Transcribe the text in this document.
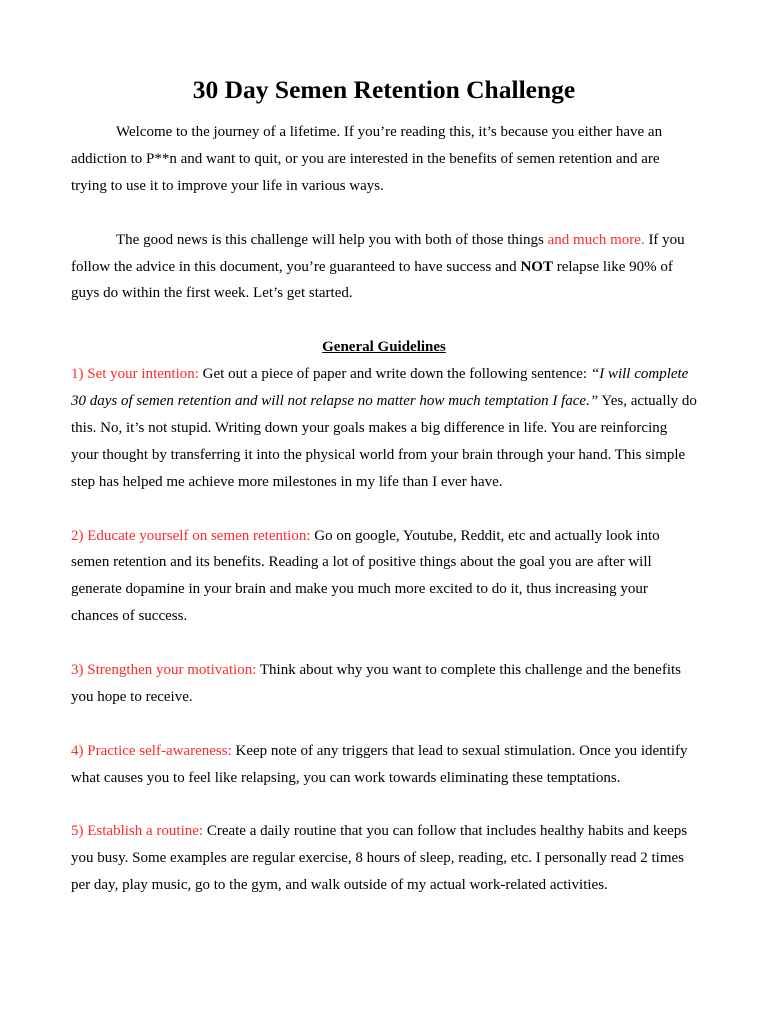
30 Day Semen Retention Challenge

Welcome to the journey of a lifetime. If you’re reading this, it’s because you either have an addiction to P**n and want to quit, or you are interested in the benefits of semen retention and are trying to use it to improve your life in various ways.

The good news is this challenge will help you with both of those things and much more. If you follow the advice in this document, you’re guaranteed to have success and NOT relapse like 90% of guys do within the first week. Let’s get started.

General Guidelines

1) Set your intention: Get out a piece of paper and write down the following sentence: “I will complete 30 days of semen retention and will not relapse no matter how much temptation I face.” Yes, actually do this. No, it’s not stupid. Writing down your goals makes a big difference in life. You are reinforcing your thought by transferring it into the physical world from your brain through your hand. This simple step has helped me achieve more milestones in my life than I ever have.

2) Educate yourself on semen retention: Go on google, Youtube, Reddit, etc and actually look into semen retention and its benefits. Reading a lot of positive things about the goal you are after will generate dopamine in your brain and make you much more excited to do it, thus increasing your chances of success.

3) Strengthen your motivation: Think about why you want to complete this challenge and the benefits you hope to receive.

4) Practice self-awareness: Keep note of any triggers that lead to sexual stimulation. Once you identify what causes you to feel like relapsing, you can work towards eliminating these temptations.

5) Establish a routine: Create a daily routine that you can follow that includes healthy habits and keeps you busy. Some examples are regular exercise, 8 hours of sleep, reading, etc. I personally read 2 times per day, play music, go to the gym, and walk outside of my actual work-related activities.
